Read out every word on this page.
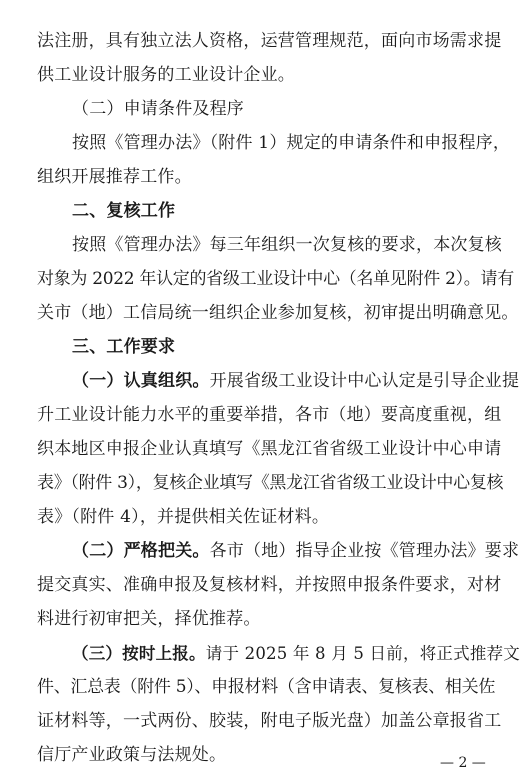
法注册，具有独立法人资格，运营管理规范，面向市场需求提
供工业设计服务的工业设计企业。
（二）申请条件及程序
按照《管理办法》（附件 1）规定的申请条件和申报程序，
组织开展推荐工作。
二、复核工作
按照《管理办法》每三年组织一次复核的要求，本次复核
对象为 2022 年认定的省级工业设计中心（名单见附件 2）。请有
关市（地）工信局统一组织企业参加复核，初审提出明确意见。
三、工作要求
（一）认真组织。开展省级工业设计中心认定是引导企业提
升工业设计能力水平的重要举措，各市（地）要高度重视，组
织本地区申报企业认真填写《黑龙江省省级工业设计中心申请
表》（附件 3），复核企业填写《黑龙江省省级工业设计中心复核
表》（附件 4），并提供相关佐证材料。
（二）严格把关。各市（地）指导企业按《管理办法》要求
提交真实、准确申报及复核材料，并按照申报条件要求，对材
料进行初审把关，择优推荐。
（三）按时上报。请于 2025 年 8 月 5 日前，将正式推荐文
件、汇总表（附件 5）、申报材料（含申请表、复核表、相关佐
证材料等，一式两份、胶装，附电子版光盘）加盖公章报省工
信厅产业政策与法规处。	— 2 —
